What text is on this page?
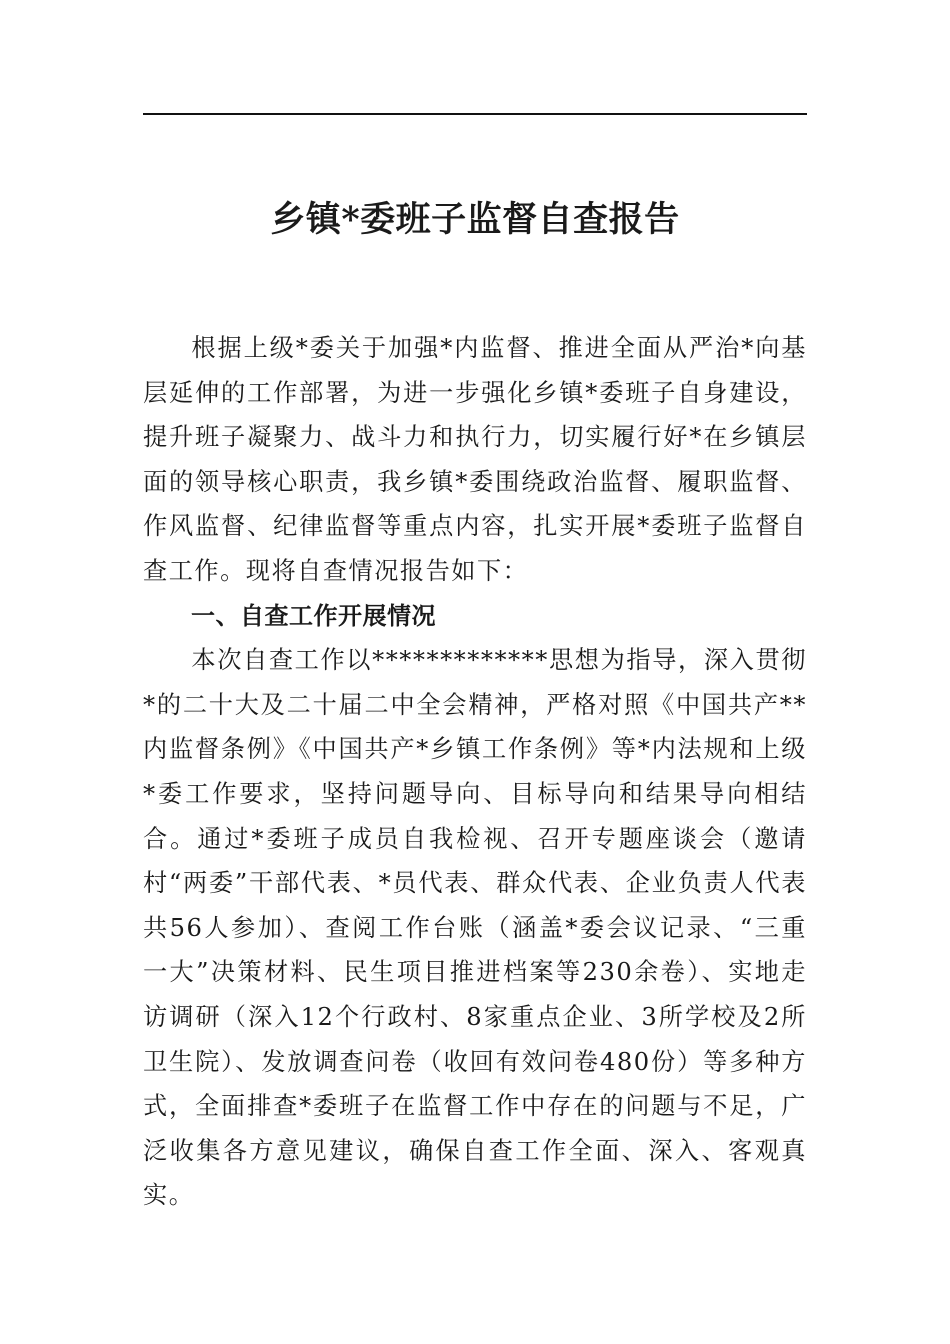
乡镇*委班子监督自查报告

根据上级*委关于加强*内监督、推进全面从严治*向基层延伸的工作部署，为进一步强化乡镇*委班子自身建设，提升班子凝聚力、战斗力和执行力，切实履行好*在乡镇层面的领导核心职责，我乡镇*委围绕政治监督、履职监督、作风监督、纪律监督等重点内容，扎实开展*委班子监督自查工作。现将自查情况报告如下：

一、自查工作开展情况

本次自查工作以*************思想为指导，深入贯彻*的二十大及二十届二中全会精神，严格对照《中国共产**内监督条例》《中国共产*乡镇工作条例》等*内法规和上级*委工作要求，坚持问题导向、目标导向和结果导向相结合。通过*委班子成员自我检视、召开专题座谈会（邀请村“两委”干部代表、*员代表、群众代表、企业负责人代表共56人参加）、查阅工作台账（涵盖*委会议记录、“三重一大”决策材料、民生项目推进档案等230余卷）、实地走访调研（深入12个行政村、8家重点企业、3所学校及2所卫生院）、发放调查问卷（收回有效问卷480份）等多种方式，全面排查*委班子在监督工作中存在的问题与不足，广泛收集各方意见建议，确保自查工作全面、深入、客观真实。
